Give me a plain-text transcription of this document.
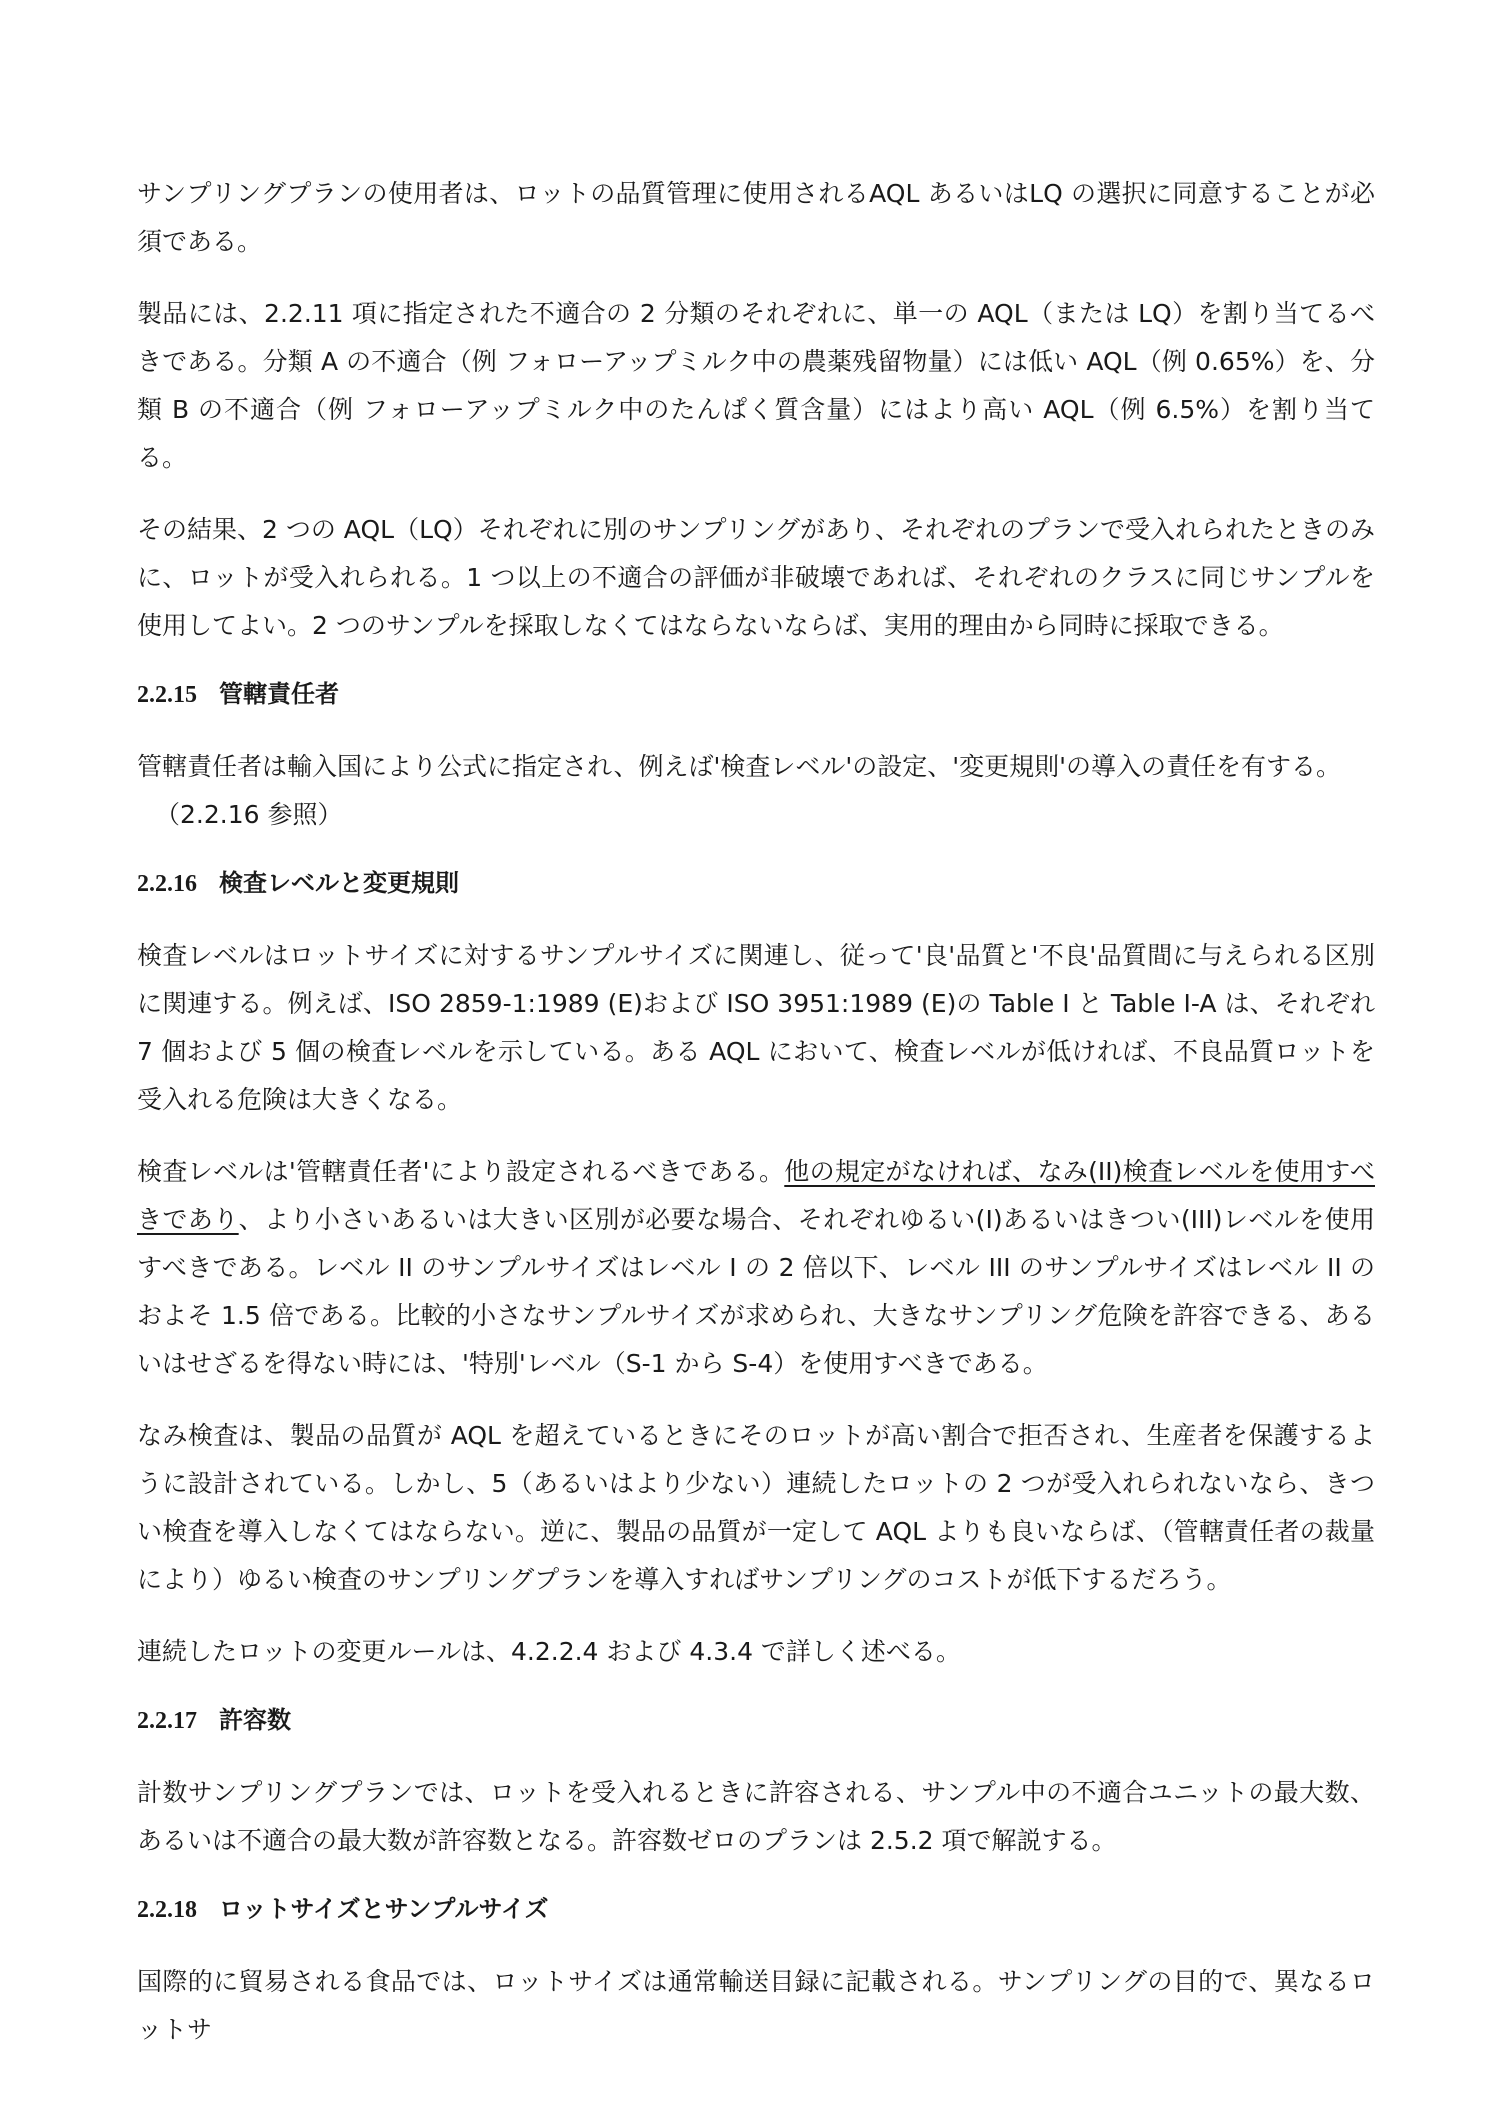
サンプリングプランの使用者は、ロットの品質管理に使用されるAQL あるいはLQ の選択に同意することが必須である。

製品には、2.2.11 項に指定された不適合の 2 分類のそれぞれに、単一の AQL（または LQ）を割り当てるべきである。分類 A の不適合（例 フォローアップミルク中の農薬残留物量）には低い AQL（例 0.65%）を、分類 B の不適合（例 フォローアップミルク中のたんぱく質含量）にはより高い AQL（例 6.5%）を割り当てる。

その結果、2 つの AQL（LQ）それぞれに別のサンプリングがあり、それぞれのプランで受入れられたときのみに、ロットが受入れられる。1 つ以上の不適合の評価が非破壊であれば、それぞれのクラスに同じサンプルを使用してよい。2 つのサンプルを採取しなくてはならないならば、実用的理由から同時に採取できる。

2.2.15 管轄責任者

管轄責任者は輸入国により公式に指定され、例えば'検査レベル'の設定、'変更規則'の導入の責任を有する。
（2.2.16 参照）

2.2.16 検査レベルと変更規則

検査レベルはロットサイズに対するサンプルサイズに関連し、従って'良'品質と'不良'品質間に与えられる区別に関連する。例えば、ISO 2859-1:1989 (E)および ISO 3951:1989 (E)の Table I と Table I-A は、それぞれ 7 個および 5 個の検査レベルを示している。ある AQL において、検査レベルが低ければ、不良品質ロットを受入れる危険は大きくなる。

検査レベルは'管轄責任者'により設定されるべきである。他の規定がなければ、なみ(II)検査レベルを使用すべきであり、より小さいあるいは大きい区別が必要な場合、それぞれゆるい(I)あるいはきつい(III)レベルを使用すべきである。レベル II のサンプルサイズはレベル I の 2 倍以下、レベル III のサンプルサイズはレベル II のおよそ 1.5 倍である。比較的小さなサンプルサイズが求められ、大きなサンプリング危険を許容できる、あるいはせざるを得ない時には、'特別'レベル（S-1 から S-4）を使用すべきである。

なみ検査は、製品の品質が AQL を超えているときにそのロットが高い割合で拒否され、生産者を保護するように設計されている。しかし、5（あるいはより少ない）連続したロットの 2 つが受入れられないなら、きつい検査を導入しなくてはならない。逆に、製品の品質が一定して AQL よりも良いならば、（管轄責任者の裁量により）ゆるい検査のサンプリングプランを導入すればサンプリングのコストが低下するだろう。

連続したロットの変更ルールは、4.2.2.4 および 4.3.4 で詳しく述べる。

2.2.17 許容数

計数サンプリングプランでは、ロットを受入れるときに許容される、サンプル中の不適合ユニットの最大数、あるいは不適合の最大数が許容数となる。許容数ゼロのプランは 2.5.2 項で解説する。

2.2.18 ロットサイズとサンプルサイズ

国際的に貿易される食品では、ロットサイズは通常輸送目録に記載される。サンプリングの目的で、異なるロットサ
